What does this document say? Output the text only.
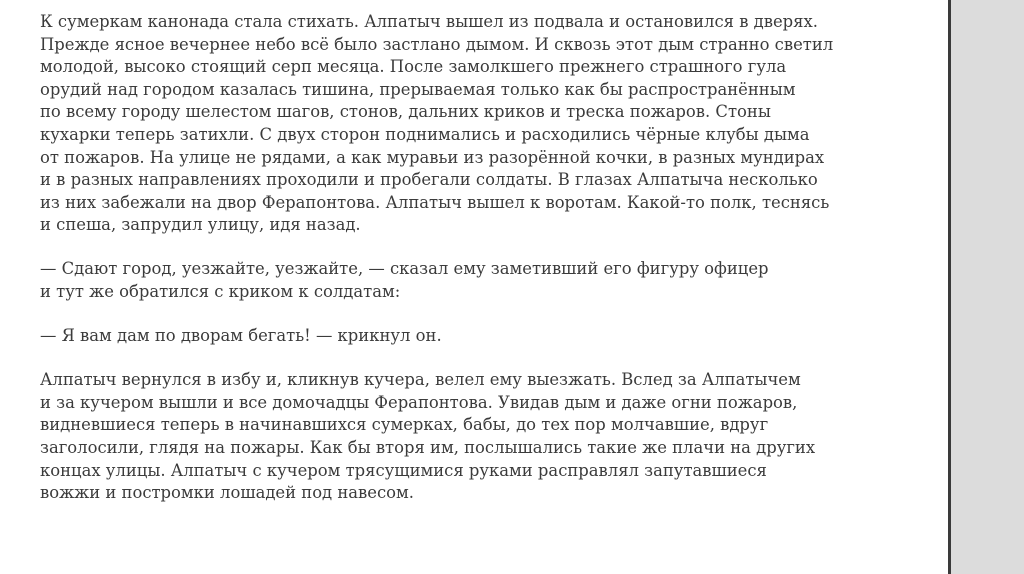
К сумеркам канонада стала стихать. Алпатыч вышел из подвала и остановился в дверях.
Прежде ясное вечернее небо всё было застлано дымом. И сквозь этот дым странно светил
молодой, высоко стоящий серп месяца. После замолкшего прежнего страшного гула
орудий над городом казалась тишина, прерываемая только как бы распространённым
по всему городу шелестом шагов, стонов, дальних криков и треска пожаров. Стоны
кухарки теперь затихли. С двух сторон поднимались и расходились чёрные клубы дыма
от пожаров. На улице не рядами, а как муравьи из разорённой кочки, в разных мундирах
и в разных направлениях проходили и пробегали солдаты. В глазах Алпатыча несколько
из них забежали на двор Ферапонтова. Алпатыч вышел к воротам. Какой-то полк, теснясь
и спеша, запрудил улицу, идя назад.

— Сдают город, уезжайте, уезжайте, — сказал ему заметивший его фигуру офицер
и тут же обратился с криком к солдатам:

— Я вам дам по дворам бегать! — крикнул он.

Алпатыч вернулся в избу и, кликнув кучера, велел ему выезжать. Вслед за Алпатычем
и за кучером вышли и все домочадцы Ферапонтова. Увидав дым и даже огни пожаров,
видневшиеся теперь в начинавшихся сумерках, бабы, до тех пор молчавшие, вдруг
заголосили, глядя на пожары. Как бы вторя им, послышались такие же плачи на других
концах улицы. Алпатыч с кучером трясущимися руками расправлял запутавшиеся
вожжи и постромки лошадей под навесом.
